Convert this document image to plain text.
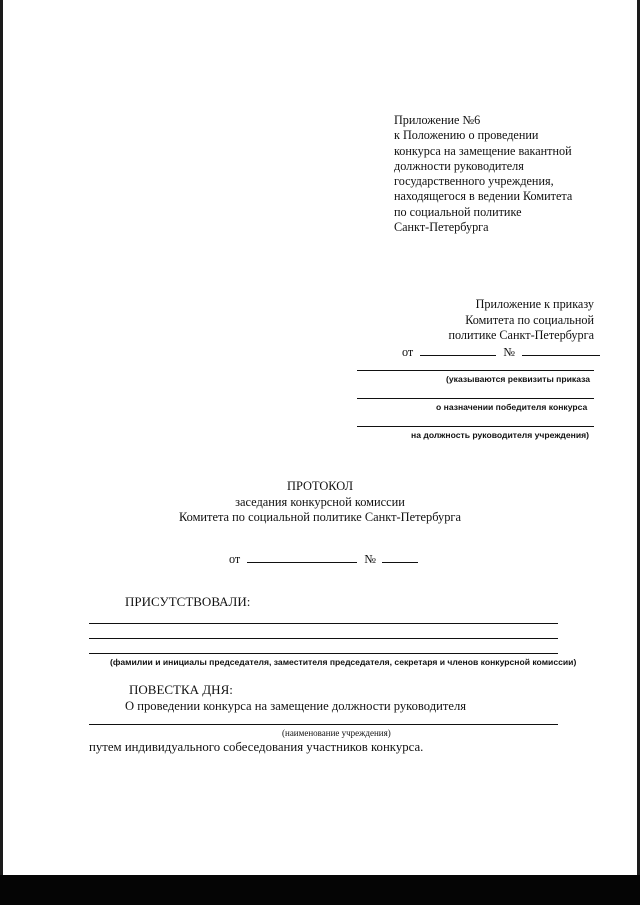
Приложение №6
к Положению о проведении
конкурса на замещение вакантной
должности руководителя
государственного учреждения,
находящегося в ведении Комитета
по социальной политике
Санкт-Петербурга
Приложение к приказу
Комитета по социальной
политике Санкт-Петербурга
от	№
(указываются реквизиты приказа
о назначении победителя конкурса
на должность руководителя учреждения)
ПРОТОКОЛ
заседания конкурсной комиссии
Комитета по социальной политике Санкт-Петербурга
от	№
ПРИСУТСТВОВАЛИ:
(фамилии и инициалы председателя, заместителя председателя, секретаря и членов конкурсной комиссии)
ПОВЕСТКА ДНЯ:
О проведении конкурса на замещение должности руководителя
(наименование учреждения)
путем индивидуального собеседования участников конкурса.
